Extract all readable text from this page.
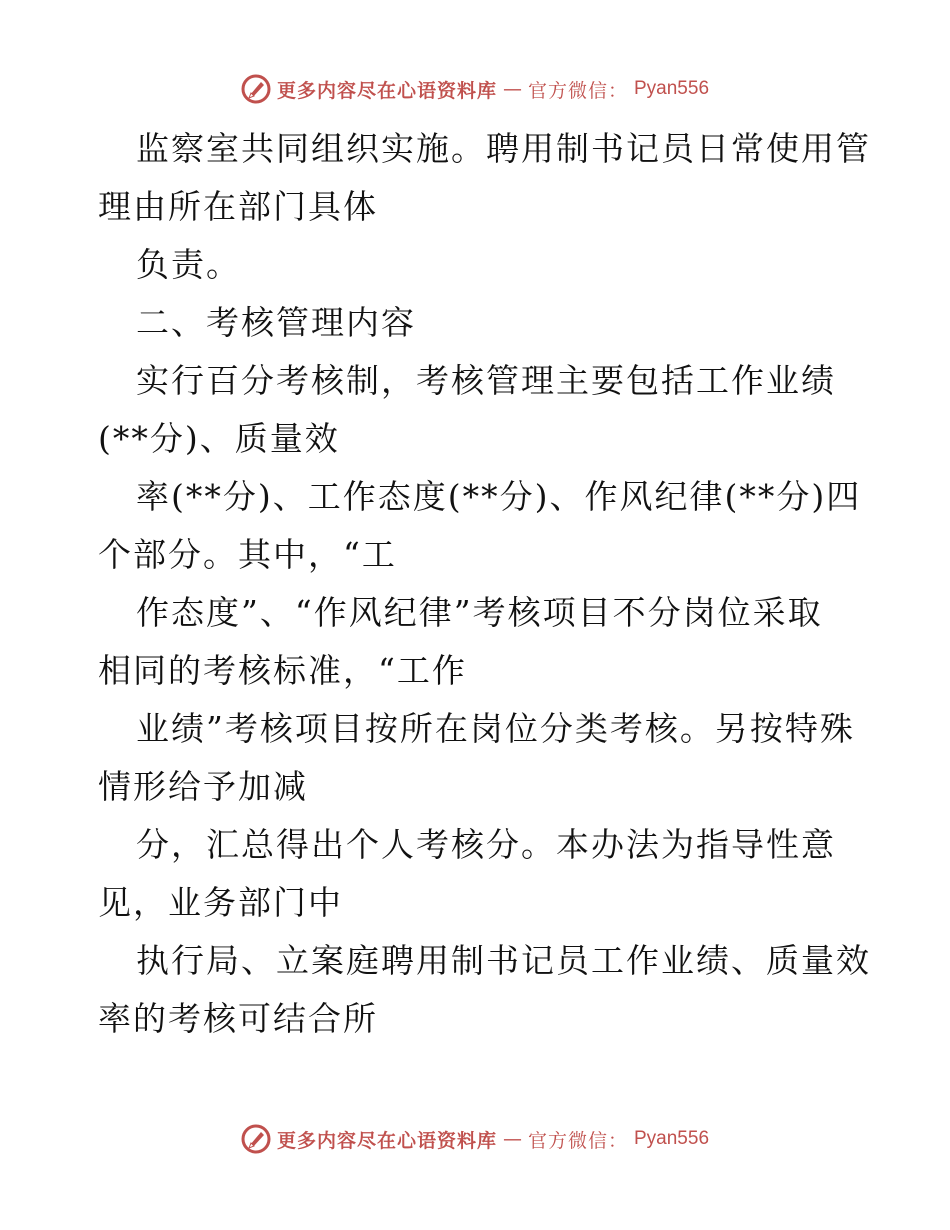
更多内容尽在心语资料库 — 官方微信： Pyan556
监察室共同组织实施。聘用制书记员日常使用管
理由所在部门具体
负责。
二、考核管理内容
实行百分考核制，考核管理主要包括工作业绩
(**分)、质量效
率(**分)、工作态度(**分)、作风纪律(**分)四
个部分。其中，“工
作态度”、“作风纪律”考核项目不分岗位采取
相同的考核标准，“工作
业绩”考核项目按所在岗位分类考核。另按特殊
情形给予加减
分，汇总得出个人考核分。本办法为指导性意
见，业务部门中
执行局、立案庭聘用制书记员工作业绩、质量效
率的考核可结合所
更多内容尽在心语资料库 — 官方微信： Pyan556
